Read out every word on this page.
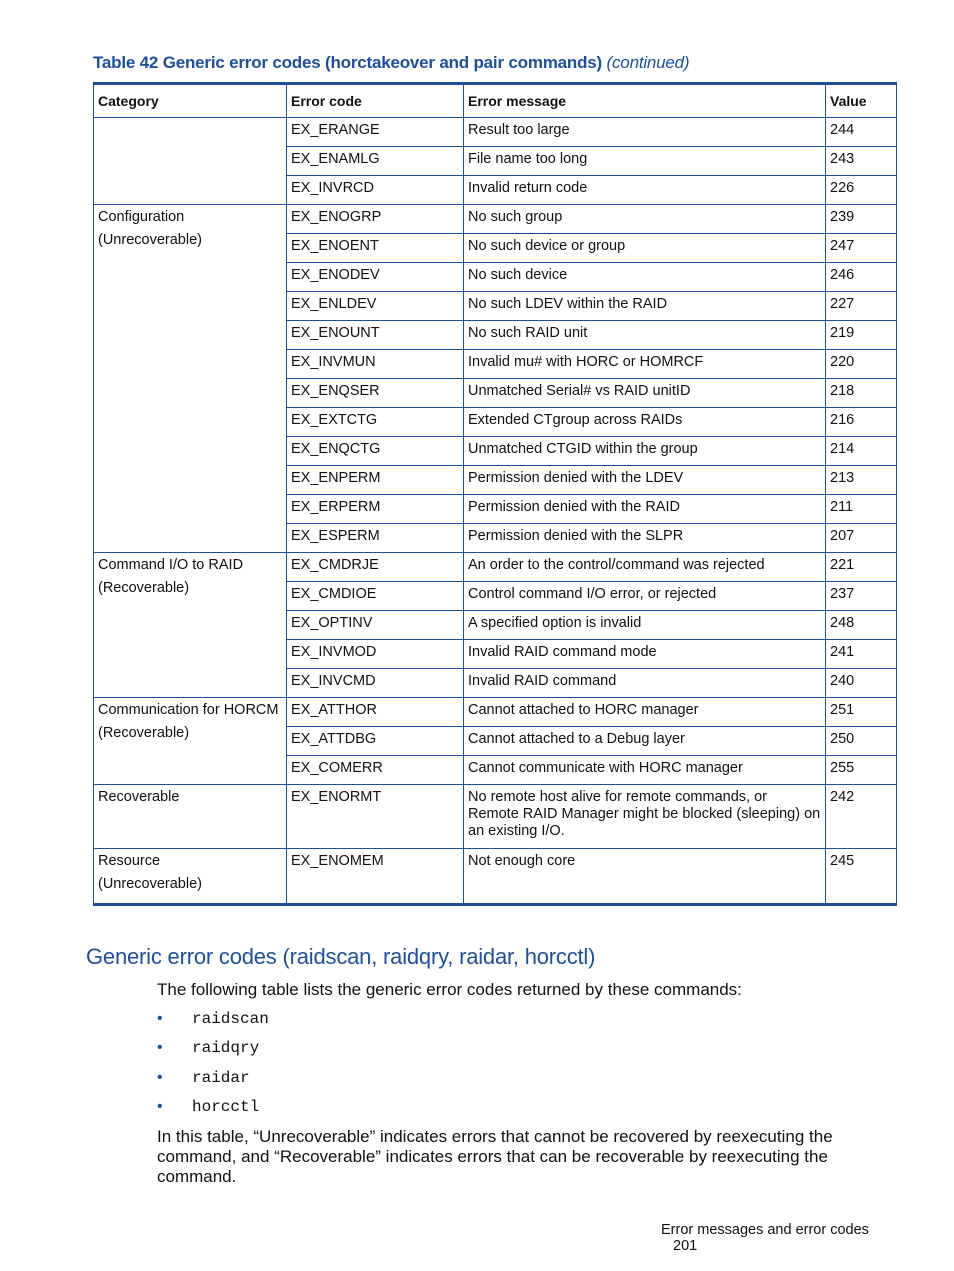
Table 42 Generic error codes (horctakeover and pair commands) (continued)
Category	Error code	Error message	Value
	EX_ERANGE	Result too large	244
	EX_ENAMLG	File name too long	243
	EX_INVRCD	Invalid return code	226

Configuration
(Unrecoverable)	EX_ENOGRP	No such group	239
	EX_ENOENT	No such device or group	247
	EX_ENODEV	No such device	246
	EX_ENLDEV	No such LDEV within the RAID	227
	EX_ENOUNT	No such RAID unit	219
	EX_INVMUN	Invalid mu# with HORC or HOMRCF	220
	EX_ENQSER	Unmatched Serial# vs RAID unitID	218
	EX_EXTCTG	Extended CTgroup across RAIDs	216
	EX_ENQCTG	Unmatched CTGID within the group	214
	EX_ENPERM	Permission denied with the LDEV	213
	EX_ERPERM	Permission denied with the RAID	211
	EX_ESPERM	Permission denied with the SLPR	207

Command I/O to RAID
(Recoverable)	EX_CMDRJE	An order to the control/command was rejected	221
	EX_CMDIOE	Control command I/O error, or rejected	237
	EX_OPTINV	A specified option is invalid	248
	EX_INVMOD	Invalid RAID command mode	241
	EX_INVCMD	Invalid RAID command	240

Communication for HORCM
(Recoverable)	EX_ATTHOR	Cannot attached to HORC manager	251
	EX_ATTDBG	Cannot attached to a Debug layer	250
	EX_COMERR	Cannot communicate with HORC manager	255

Recoverable	EX_ENORMT	No remote host alive for remote commands, or Remote RAID Manager might be blocked (sleeping) on an existing I/O.	242

Resource
(Unrecoverable)	EX_ENOMEM	Not enough core	245
Generic error codes (raidscan, raidqry, raidar, horcctl)
The following table lists the generic error codes returned by these commands:
• raidscan
• raidqry
• raidar
• horcctl
In this table, “Unrecoverable” indicates errors that cannot be recovered by reexecuting the command, and “Recoverable” indicates errors that can be recoverable by reexecuting the command.
Error messages and error codes 201
